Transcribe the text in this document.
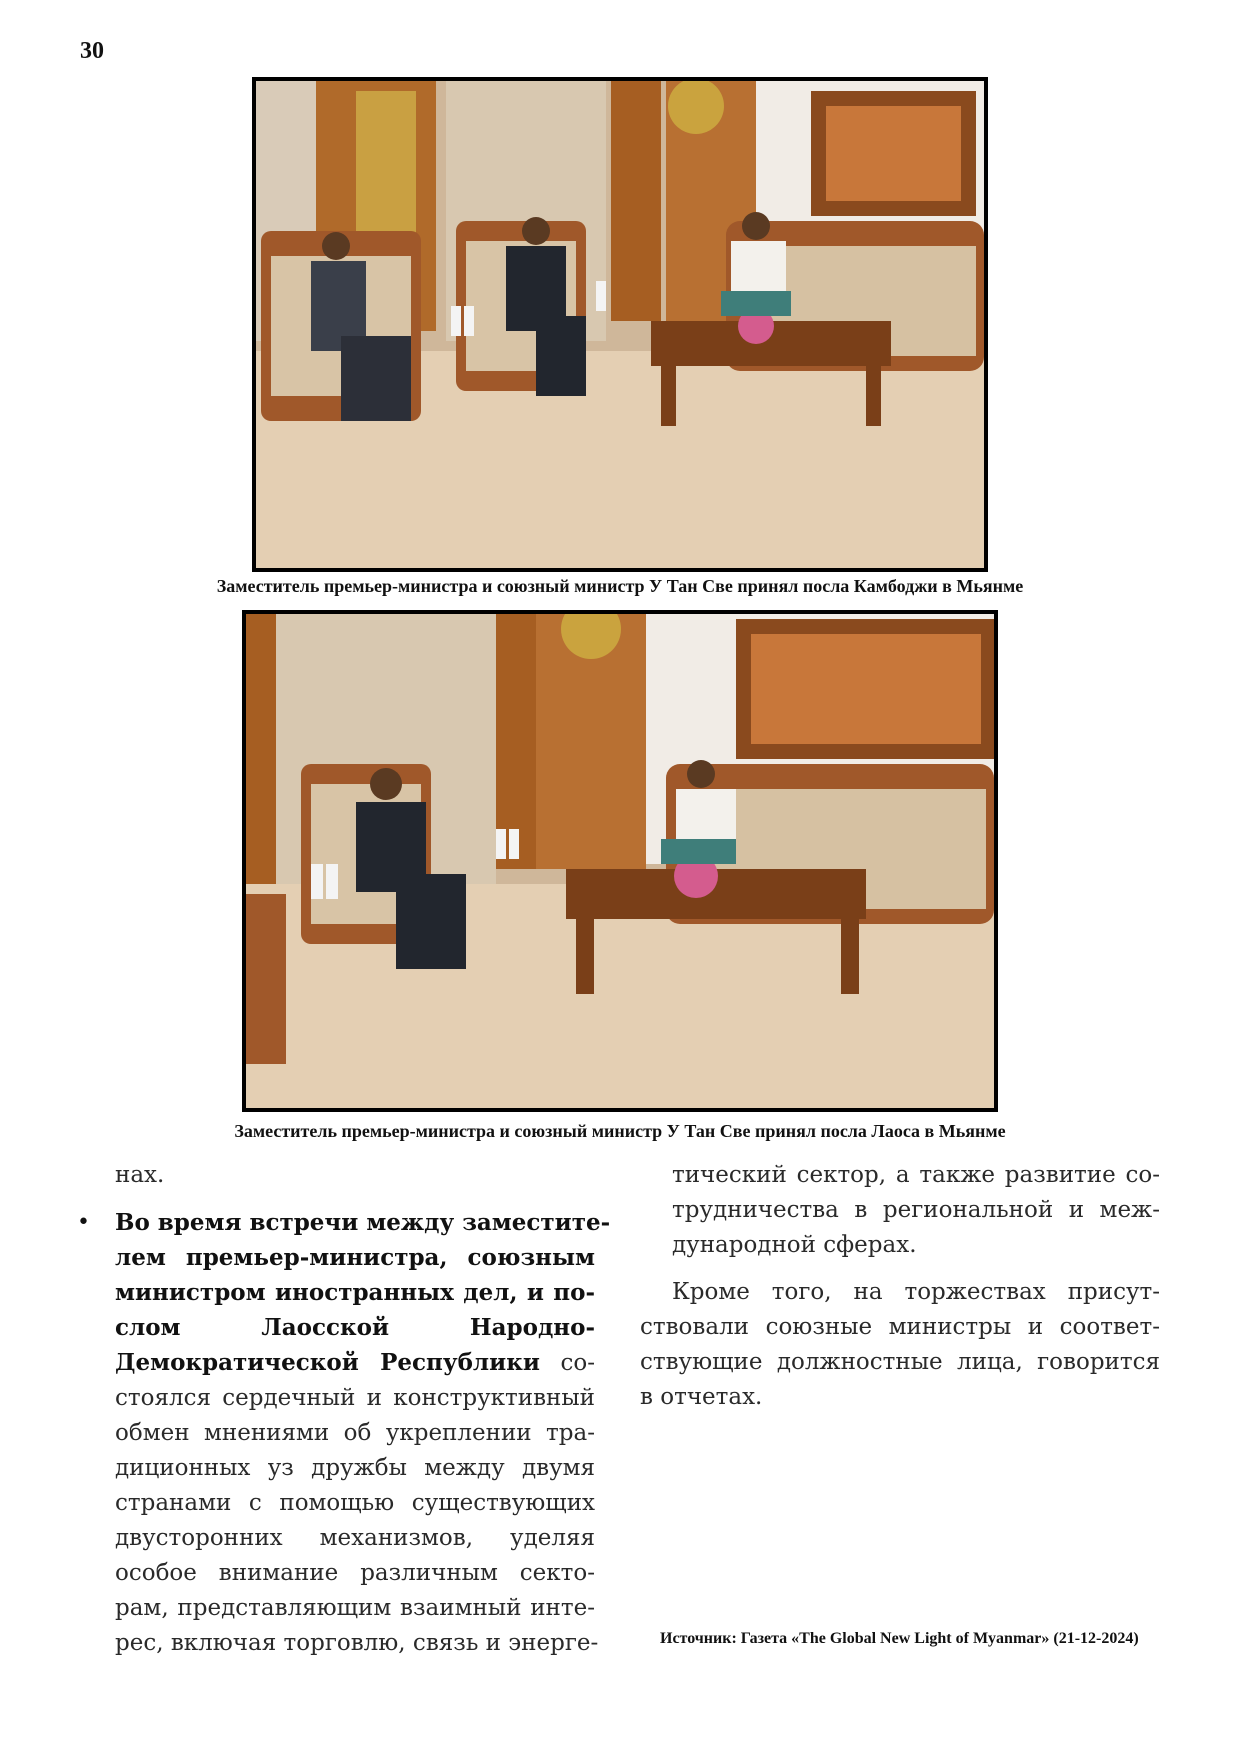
30
Заместитель премьер-министра и союзный министр У Тан Све принял посла Камбоджи в Мьянме
Заместитель премьер-министра и союзный министр У Тан Све принял посла Лаоса в Мьянме
нах.
• Во время встречи между заместите-
лем премьер-министра, союзным
министром иностранных дел, и по-
слом Лаосской Народно-
Демократической Республики со-
стоялся сердечный и конструктивный
обмен мнениями об укреплении тра-
диционных уз дружбы между двумя
странами с помощью существующих
двусторонних механизмов, уделяя
особое внимание различным секто-
рам, представляющим взаимный инте-
рес, включая торговлю, связь и энерге-
тический сектор, а также развитие со-
трудничества в региональной и меж-
дународной сферах.
Кроме того, на торжествах присут-
ствовали союзные министры и соответ-
ствующие должностные лица, говорится
в отчетах.
Источник: Газета «The Global New Light of Myanmar» (21-12-2024)
